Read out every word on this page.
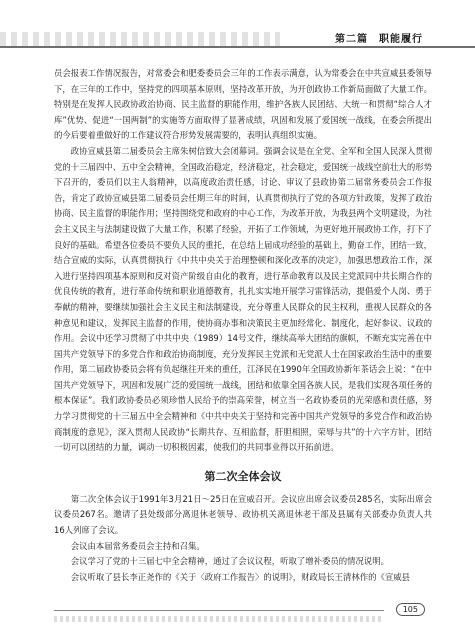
第二篇　职能履行

员会报表工作情况报告，对常委会和肥委委员会三年的工作表示满意，认为常委会在中共宣威县委领导下，在三年的工作中，坚持党的四项基本原则，坚持改革开放，为开创政协工作新局面做了大量工作。特别是在发挥人民政协政治协商、民主监督的职能作用，维护各族人民团结、大统一和贯彻“综合人才库”优势、促进“一国两制”的实施等方面取得了显著成绩，巩固和发展了爱国统一战线，在委会所提出的今后要着重做好的工作建议符合形势发展需要的，表明认真组织实施。

政协宣威县第二届委员会主席朱树信致大会闭幕词。强调会议是在全党、全军和全国人民深入贯彻党的十三届四中、五中全会精神，全国政治稳定，经济稳定，社会稳定，爱国统一战线空前壮大的形势下召开的，委员们以主人翁精神，以高度政治责任感，讨论、审议了县政协第二届常务委员会工作报告，肯定了政协宣威县第二届委员会任期三年的时间，认真贯彻执行了党的各项方针政策，发挥了政治协商、民主监督的职能作用；坚持围绕党和政府的中心工作，为改革开放，为我县两个文明建设，为社会主义民主与法制建设做了大量工作，积累了经验，开拓了工作领域，为更好地开展政协工作，打下了良好的基础。希望各位委员不要负人民的重托，在总结上届成功经验的基础上，勤奋工作，团结一致，结合宣威的实际，认真贯彻执行《中共中央关于治理整顿和深化改革的决定》，加强思想政治工作，深入进行坚持四项基本原则和反对资产阶级自由化的教育，进行革命教育以及民主党派同中共长期合作的优良传统的教育，进行革命传统和职业道德教育，扎扎实实地开展学习雷锋活动，提倡爱个人岗、勇于奉献的精神，要继续加强社会主义民主和法制建设，充分尊重人民群众的民主权利，重视人民群众的各种意见和建议，发挥民主监督的作用，使协商办事和决策民主更加经常化、制度化，起好参议、议政的作用。会议中还学习贯彻了中共中央（1989）14号文件，继续高举大团结的旗帜，不断充实完善在中国共产党领导下的多党合作和政治协商制度，充分发挥民主党派和无党派人士在国家政治生活中的重要作用，第二届政协委员会将有负起继往开来的重任，江泽民在1990年全国政协新年茶话会上说：“在中国共产党领导下，巩固和发展广泛的爱国统一战线，团结和依靠全国各族人民，是我们实现各项任务的根本保证”。我们政协委员必须珍惜人民给予的崇高荣誉，树立当一名政协委员的光荣感和责任感，努力学习贯彻党的十三届五中全会精神和《中共中央关于坚持和完善中国共产党领导的多党合作和政治协商制度的意见》，深入贯彻人民政协“长期共存、互相监督，肝胆相照，荣辱与共”的十六字方针，团结一切可以团结的力量，调动一切积极因素，使我们的共同事业得以开拓前进。

第二次全体会议

第二次全体会议于1991年3月21日～25日在宣威召开。会议应出席会议委员285名，实际出席会议委员267名。邀请了县处级部分离退休老领导、政协机关离退休老干部及县属有关部委办负责人共16人列席了会议。

会议由本届常务委员会主持和召集。

会议学习了党的十三届七中全会精神，通过了会议议程，听取了增补委员的情况说明。

会议听取了县长李正尧作的《关于〈政府工作报告〉的说明》，财政局长王清林作的《宣威县

105
